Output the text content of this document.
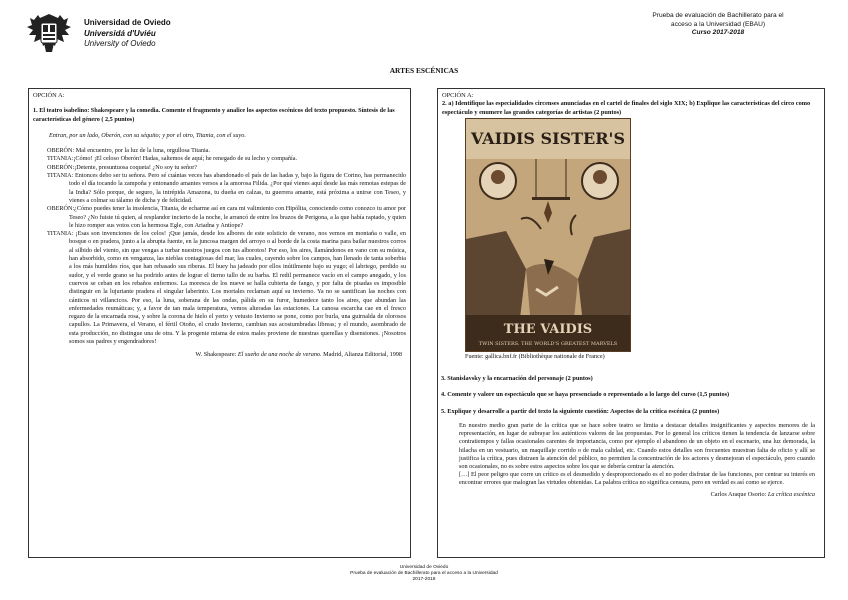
Universidad de Oviedo
Universidá d'Uviéu
University of Oviedo
Prueba de evaluación de Bachillerato para el
acceso a la Universidad (EBAU)
Curso 2017-2018
ARTES ESCÉNICAS
OPCIÓN A:
1. El teatro isabelino: Shakespeare y la comedia. Comente el fragmento y analice los aspectos escénicos del texto propuesto. Síntesis de las características del género ( 2,5 puntos)
Entran, por un lado, Oberón, con su séquito; y por el otro, Titania, con el suyo.

OBERÓN: Mal encuentro, por la luz de la luna, orgullosa Titania.

TITANIA:¡Cómo! ¡El celoso Oberón! Hadas, saltemos de aquí; he renegado de su lecho y compañía.

OBERÓN:¡Detente, presuntuosa coqueta! ¿No soy tu señor?

TITANIA: Entonces debo ser tu señora. Pero sé cuántas veces has abandonado el país de las hadas y, bajo la figura de Corino, has permanecido todo el día tocando la zampoña y entonando amantes versos a la amorosa Filida. ¿Por qué vienes aquí desde las más remotas estepas de la India? Sólo porque, de seguro, la intrépida Amazona, tu dueña en calzas, tu guerrera amante, está próxima a unirse con Teseo, y vienes a colmar su tálamo de dicha y de felicidad.

OBERÓN:¿Cómo puedes tener la insolencia, Titania, de echarme así en cara mi valimiento con Hipólita, conociendo como conozco tu amor por Teseo? ¿No fuiste tú quien, al resplandor incierto de la noche, le arrancó de entre los brazos de Perigona, a la que había raptado, y quien le hizo romper sus votos con la hermosa Egle, con Ariadna y Antíope?

TITANIA: ¡Esas son invenciones de los celos! ¡Que jamás, desde los albores de este solsticio de verano, nos vemos en montaña o valle, en bosque o en pradera, junto a la abrupta fuente, en la juncosa margen del arroyo o al borde de la costa marina para bailar nuestros corros al silbido del viento, sin que vengas a turbar nuestros juegos con tus alborotos! Por eso, los aires, llamándonos en vano con su música, han absorbido, como en venganza, las nieblas contagiosas del mar, las cuales, cayendo sobre los campos, han llenado de tanta soberbia a los más humildes ríos, que han rebasado sus riberas. El buey ha jadeado por ellos inútilmente bajo su yugo; el labriego, perdido su sudor, y el verde grano se ha podrido antes de lograr el tierno tallo de su barba. El redil permanece vacío en el campo anegado, y los cuervos se ceban en los rebaños enfermos. La moresca de los nueve se halla cubierta de fango, y por falta de pisadas es imposible distinguir en la lujuriante pradera el singular laberinto. Los mortales reclaman aquí su invierno. Ya no se santifican las noches con cánticos ni villancicos. Por eso, la luna, soberana de las ondas, pálida en su furor, humedece tanto los aires, que abundan las enfermedades reumáticas; y, a favor de tan mala temperatura, vemos alteradas las estaciones. La canosa escarcha cae en el fresco regazo de la encarnada rosa, y sobre la corona de hielo el yerto y vetusto Invierno se pone, como por burla, una guirnalda de olorosos capullos. La Primavera, el Verano, el fértil Otoño, el crudo Invierno, cambian sus acostumbradas libreas; y el mundo, asombrado de esta producción, no distingue una de otra. Y la progenie misma de estos males proviene de nuestras querellas y disensiones. ¡Nosotros somos sus padres y engendradores!

W. Shakespeare: El sueño de una noche de verano. Madrid, Alianza Editorial, 1998
OPCIÓN A:
2. a) Identifique las especialidades circenses anunciadas en el cartel de finales del siglo XIX; b) Explique las características del circo como espectáculo y enumere las grandes categorías de artistas (2 puntos)
VAIDIS SISTER'S
THE VAIDIS
TWIN SISTERS. THE WORLD'S GREATEST MARVELS
Fuente: gallica.bnf.fr (Bibliothèque nationale de France)
3. Stanislavsky y la encarnación del personaje (2 puntos)
4. Comente y valore un espectáculo que se haya presenciado o representado a lo largo del curso (1,5 puntos)
5. Explique y desarrolle a partir del texto la siguiente cuestión: Aspectos de la crítica escénica (2 puntos)

En nuestro medio gran parte de la crítica que se hace sobre teatro se limita a destacar detalles insignificantes y aspectos menores de la representación, en lugar de subrayar los auténticos valores de las propuestas. Por lo general los críticos tienen la tendencia de lanzarse sobre contratiempos y fallas ocasionales carentes de importancia, como por ejemplo el abandono de un objeto en el escenario, una luz demorada, la hilacha en un vestuario, un maquillaje corrido o de mala calidad, etc. Cuando estos detalles son frecuentes muestran falta de oficio y allí se justifica la crítica, pues distraen la atención del público, no permiten la concentración de los actores y desmejoran el espectáculo, pero cuando son ocasionales, no es sobre estos aspectos sobre los que se debería centrar la atención.

[…] El peor peligro que corre un crítico es el desmedido y desproporcionado es el no poder disfrutar de las funciones, por centrar su interés en encontrar errores que malogran las virtudes obtenidas. La palabra crítica no significa censura, pero en verdad es así como se ejerce.

Carlos Araque Osorio: La crítica escénica
Universidad de Oviedo
Prueba de evaluación de Bachillerato para el acceso a la Universidad
2017-2018
